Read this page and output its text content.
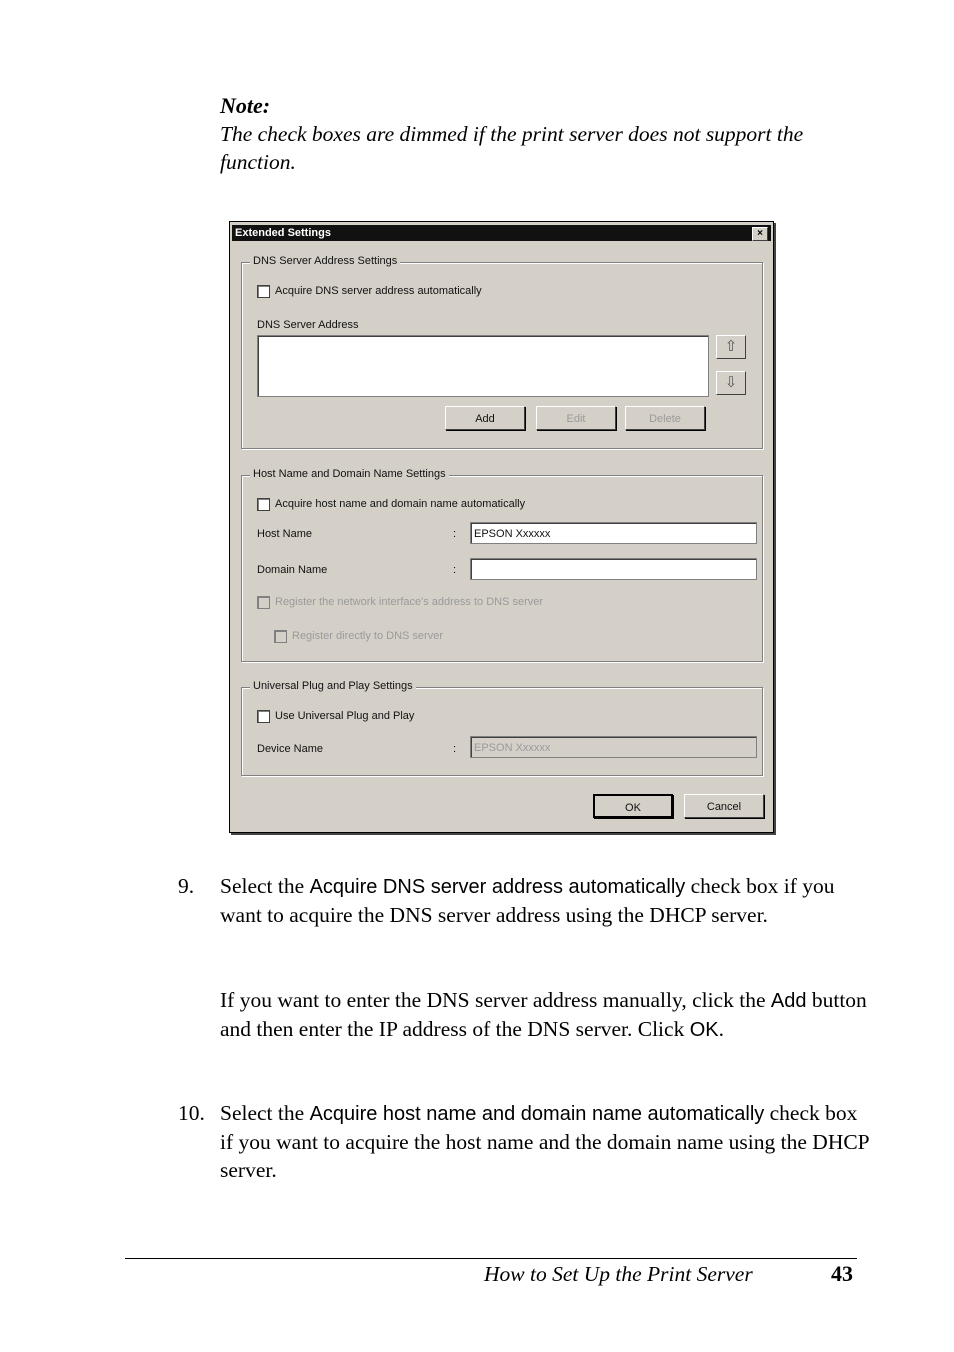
Note:
The check boxes are dimmed if the print server does not support the function.
Extended Settings	×
DNS Server Address Settings
Acquire DNS server address automatically
DNS Server Address
⇧
⇩
Add	Edit	Delete
Host Name and Domain Name Settings
Acquire host name and domain name automatically
Host Name	:	EPSON Xxxxxx
Domain Name	:
Register the network interface's address to DNS server
Register directly to DNS server
Universal Plug and Play Settings
Use Universal Plug and Play
Device Name	:	EPSON Xxxxxx
OK	Cancel
9. Select the Acquire DNS server address automatically check box if you want to acquire the DNS server address using the DHCP server.
If you want to enter the DNS server address manually, click the Add button and then enter the IP address of the DNS server. Click OK.
10. Select the Acquire host name and domain name automatically check box if you want to acquire the host name and the domain name using the DHCP server.
How to Set Up the Print Server	43
